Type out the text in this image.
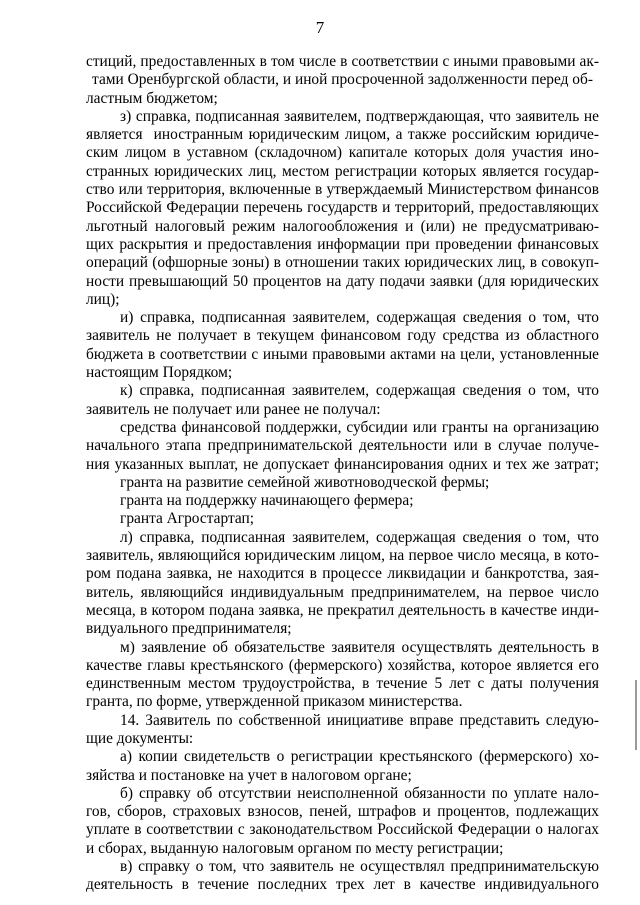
7
стиций, предоставленных в том числе в соответствии с иными правовыми ак-
тами Оренбургской области, и иной просроченной задолженности перед об-
ластным бюджетом;
з) справка, подписанная заявителем, подтверждающая, что заявитель не
является  иностранным юридическим лицом, а также российским юридиче-
ским лицом в уставном (складочном) капитале которых доля участия ино-
странных юридических лиц, местом регистрации которых является государ-
ство или территория, включенные в утверждаемый Министерством финансов
Российской Федерации перечень государств и территорий, предоставляющих
льготный налоговый режим налогообложения и (или) не предусматриваю-
щих раскрытия и предоставления информации при проведении финансовых
операций (офшорные зоны) в отношении таких юридических лиц, в совокуп-
ности превышающий 50 процентов на дату подачи заявки (для юридических
лиц);
и) справка, подписанная заявителем, содержащая сведения о том, что
заявитель не получает в текущем финансовом году средства из областного
бюджета в соответствии с иными правовыми актами на цели, установленные
настоящим Порядком;
к) справка, подписанная заявителем, содержащая сведения о том, что
заявитель не получает или ранее не получал:
средства финансовой поддержки, субсидии или гранты на организацию
начального этапа предпринимательской деятельности или в случае получе-
ния указанных выплат, не допускает финансирования одних и тех же затрат;
гранта на развитие семейной животноводческой фермы;
гранта на поддержку начинающего фермера;
гранта Агростартап;
л) справка, подписанная заявителем, содержащая сведения о том, что
заявитель, являющийся юридическим лицом, на первое число месяца, в кото-
ром подана заявка, не находится в процессе ликвидации и банкротства, зая-
витель, являющийся индивидуальным предпринимателем, на первое число
месяца, в котором подана заявка, не прекратил деятельность в качестве инди-
видуального предпринимателя;
м) заявление об обязательстве заявителя осуществлять деятельность в
качестве главы крестьянского (фермерского) хозяйства, которое является его
единственным местом трудоустройства, в течение 5 лет с даты получения
гранта, по форме, утвержденной приказом министерства.
14. Заявитель по собственной инициативе вправе представить следую-
щие документы:
а) копии свидетельств о регистрации крестьянского (фермерского) хо-
зяйства и постановке на учет в налоговом органе;
б) справку об отсутствии неисполненной обязанности по уплате нало-
гов, сборов, страховых взносов, пеней, штрафов и процентов, подлежащих
уплате в соответствии с законодательством Российской Федерации о налогах
и сборах, выданную налоговым органом по месту регистрации;
в) справку о том, что заявитель не осуществлял предпринимательскую
деятельность в течение последних трех лет в качестве индивидуального
